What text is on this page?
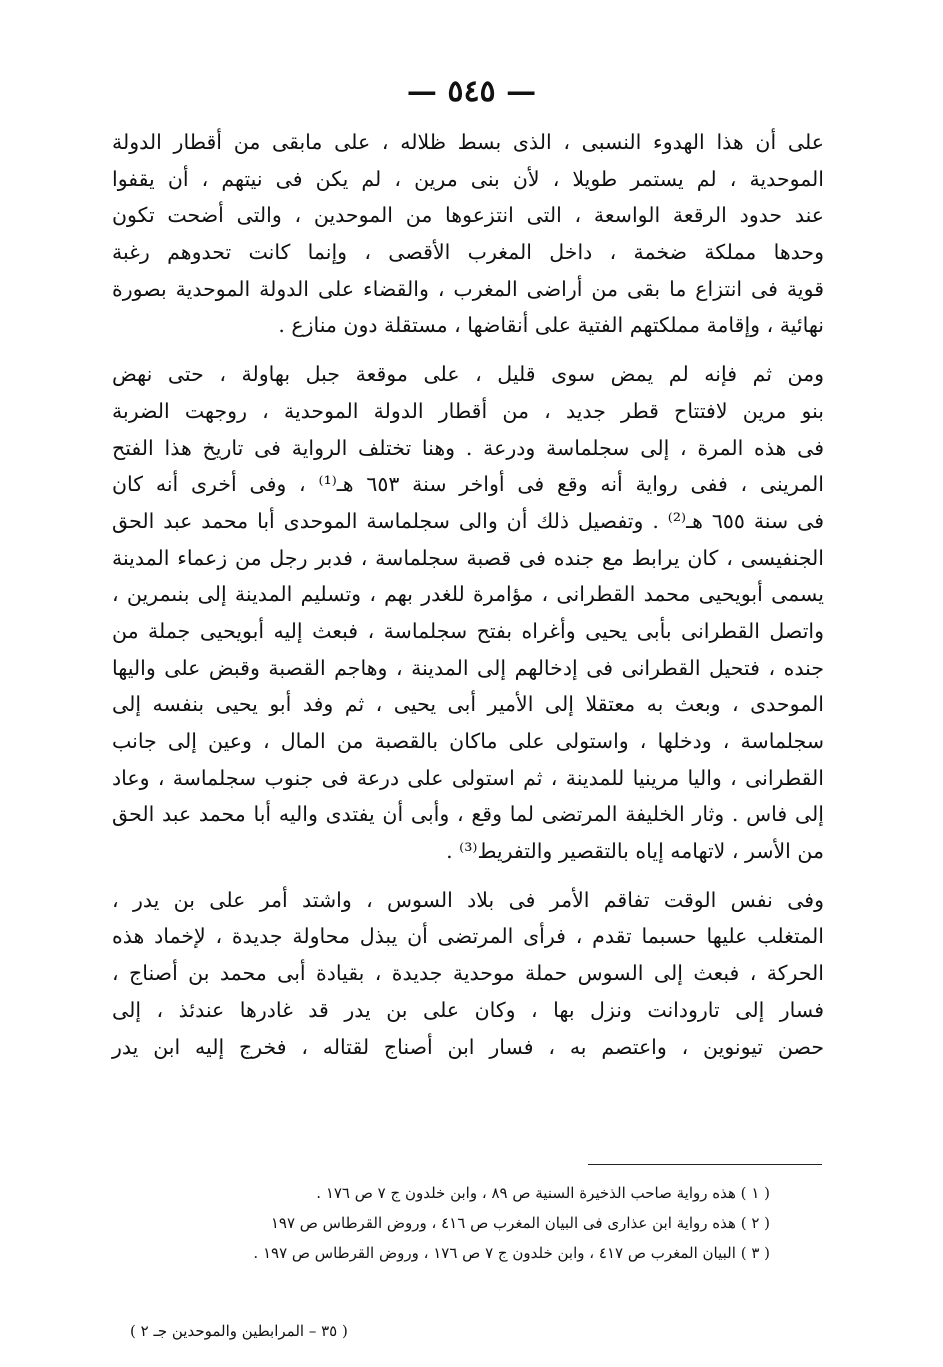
— ٥٤٥ —
على أن هذا الهدوء النسبى ، الذى بسط ظلاله ، على مابقى من أقطار الدولة
الموحدية ، لم يستمر طويلا ، لأن بنى مرين ، لم يكن فى نيتهم ، أن يقفوا
عند حدود الرقعة الواسعة ، التى انتزعوها من الموحدين ، والتى أضحت تكون
وحدها مملكة ضخمة ، داخل المغرب الأقصى ، وإنما كانت تحدوهم رغبة
قوية فى انتزاع ما بقى من أراضى المغرب ، والقضاء على الدولة الموحدية بصورة
نهائية ، وإقامة مملكتهم الفتية على أنقاضها ، مستقلة دون منازع .
ومن ثم فإنه لم يمض سوى قليل ، على موقعة جبل بهاولة ، حتى نهض
بنو مرين لافتتاح قطر جديد ، من أقطار الدولة الموحدية ، روجهت الضربة
فى هذه المرة ، إلى سجلماسة ودرعة . وهنا تختلف الرواية فى تاريخ هذا الفتح
المرينى ، ففى رواية أنه وقع فى أواخر سنة ٦٥٣ هـ⁽¹⁾ ، وفى أخرى أنه كان
فى سنة ٦٥٥ هـ⁽²⁾ . وتفصيل ذلك أن والى سجلماسة الموحدى أبا محمد عبد الحق
الجنفيسى ، كان يرابط مع جنده فى قصبة سجلماسة ، فدبر رجل من زعماء المدينة
يسمى أبويحيى محمد القطرانى ، مؤامرة للغدر بهم ، وتسليم المدينة إلى بنىمرين ،
واتصل القطرانى بأبى يحيى وأغراه بفتح سجلماسة ، فبعث إليه أبويحيى جملة من
جنده ، فتحيل القطرانى فى إدخالهم إلى المدينة ، وهاجم القصبة وقبض على واليها
الموحدى ، وبعث به معتقلا إلى الأمير أبى يحيى ، ثم وفد أبو يحيى بنفسه إلى
سجلماسة ، ودخلها ، واستولى على ماكان بالقصبة من المال ، وعين إلى جانب
القطرانى ، واليا مرينيا للمدينة ، ثم استولى على درعة فى جنوب سجلماسة ، وعاد
إلى فاس . وثار الخليفة المرتضى لما وقع ، وأبى أن يفتدى واليه أبا محمد عبد الحق
من الأسر ، لاتهامه إياه بالتقصير والتفريط⁽³⁾ .
وفى نفس الوقت تفاقم الأمر فى بلاد السوس ، واشتد أمر على بن يدر ،
المتغلب عليها حسبما تقدم ، فرأى المرتضى أن يبذل محاولة جديدة ، لإخماد هذه
الحركة ، فبعث إلى السوس حملة موحدية جديدة ، بقيادة أبى محمد بن أصناج ،
فسار إلى تارودانت ونزل بها ، وكان على بن يدر قد غادرها عندئذ ، إلى
حصن تيونوين ، واعتصم به ، فسار ابن أصناج لقتاله ، فخرج إليه ابن يدر
( ١ ) هذه رواية صاحب الذخيرة السنية ص ٨٩ ، وابن خلدون ج ٧ ص ١٧٦ .
( ٢ ) هذه رواية ابن عذارى فى البيان المغرب ص ٤١٦ ، وروض القرطاس ص ١٩٧
( ٣ ) البيان المغرب ص ٤١٧ ، وابن خلدون ج ٧ ص ١٧٦ ، وروض القرطاس ص ١٩٧ .
( ٣٥ – المرابطين والموحدين جـ ٢ )
